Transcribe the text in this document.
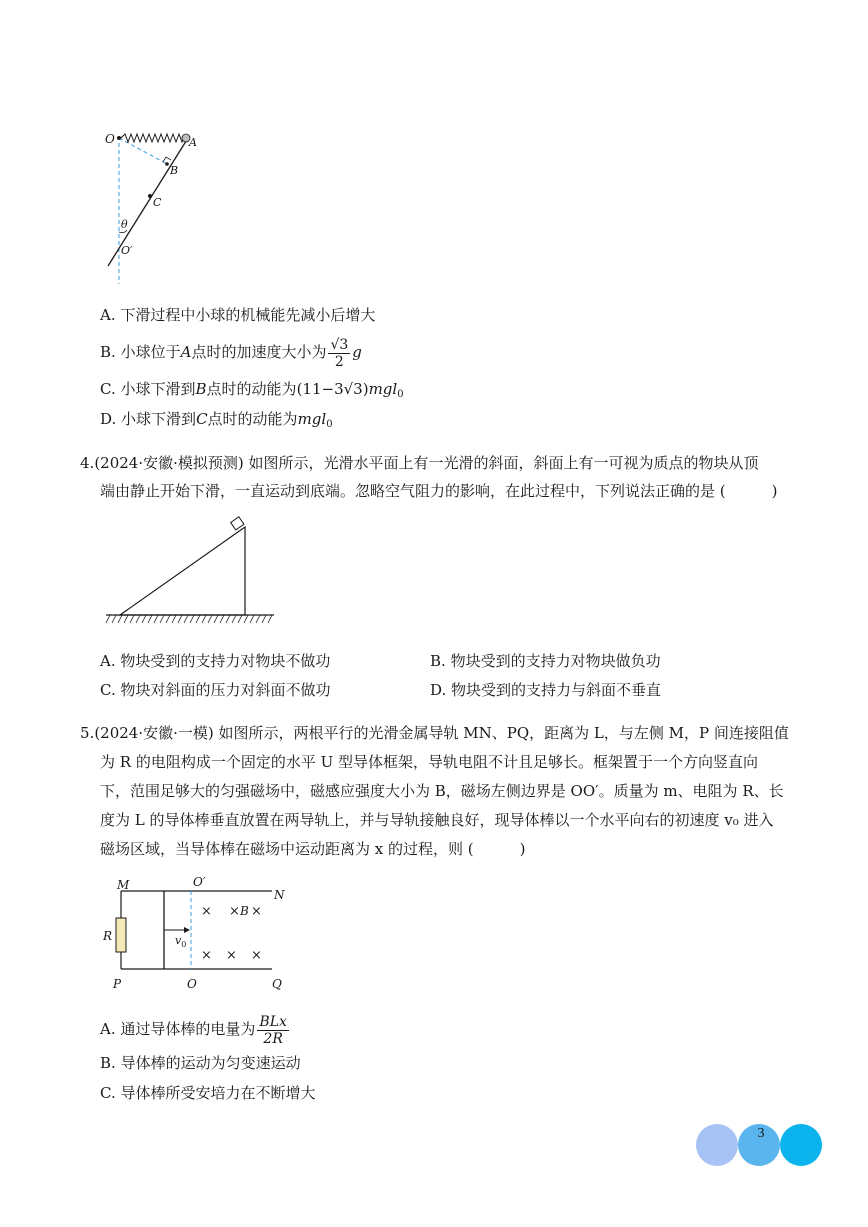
O	A
B
C
θ
O′
A. 下滑过程中小球的机械能先减小后增大
B. 小球位于A点时的加速度大小为 $\frac{√3}{2}$ g
C. 小球下滑到B点时的动能为(11−3√3)mgl$_0$
D. 小球下滑到C点时的动能为mgl$_0$
4.(2024·安徽·模拟预测) 如图所示，光滑水平面上有一光滑的斜面，斜面上有一可视为质点的物块从顶
端由静止开始下滑，一直运动到底端。忽略空气阻力的影响，在此过程中，下列说法正确的是 (	)
A. 物块受到的支持力对物块不做功	B. 物块受到的支持力对物块做负功
C. 物块对斜面的压力对斜面不做功	D. 物块受到的支持力与斜面不垂直
5.(2024·安徽·一模) 如图所示，两根平行的光滑金属导轨 MN、PQ，距离为 L，与左侧 M，P 间连接阻值
为 R 的电阻构成一个固定的水平 U 型导体框架，导轨电阻不计且足够长。框架置于一个方向竖直向
下，范围足够大的匀强磁场中，磁感应强度大小为 B，磁场左侧边界是 OO′。质量为 m、电阻为 R、长
度为 L 的导体棒垂直放置在两导轨上，并与导轨接触良好，现导体棒以一个水平向右的初速度 v₀ 进入
磁场区域，当导体棒在磁场中运动距离为 x 的过程，则 (	)
M	O′
N
R	$v_0$
× × B ×
× × ×
P	O	Q
A. 通过导体棒的电量为 $\frac{\text{BLx}}{2R}$
B. 导体棒的运动为匀变速运动
C. 导体棒所受安培力在不断增大
3
